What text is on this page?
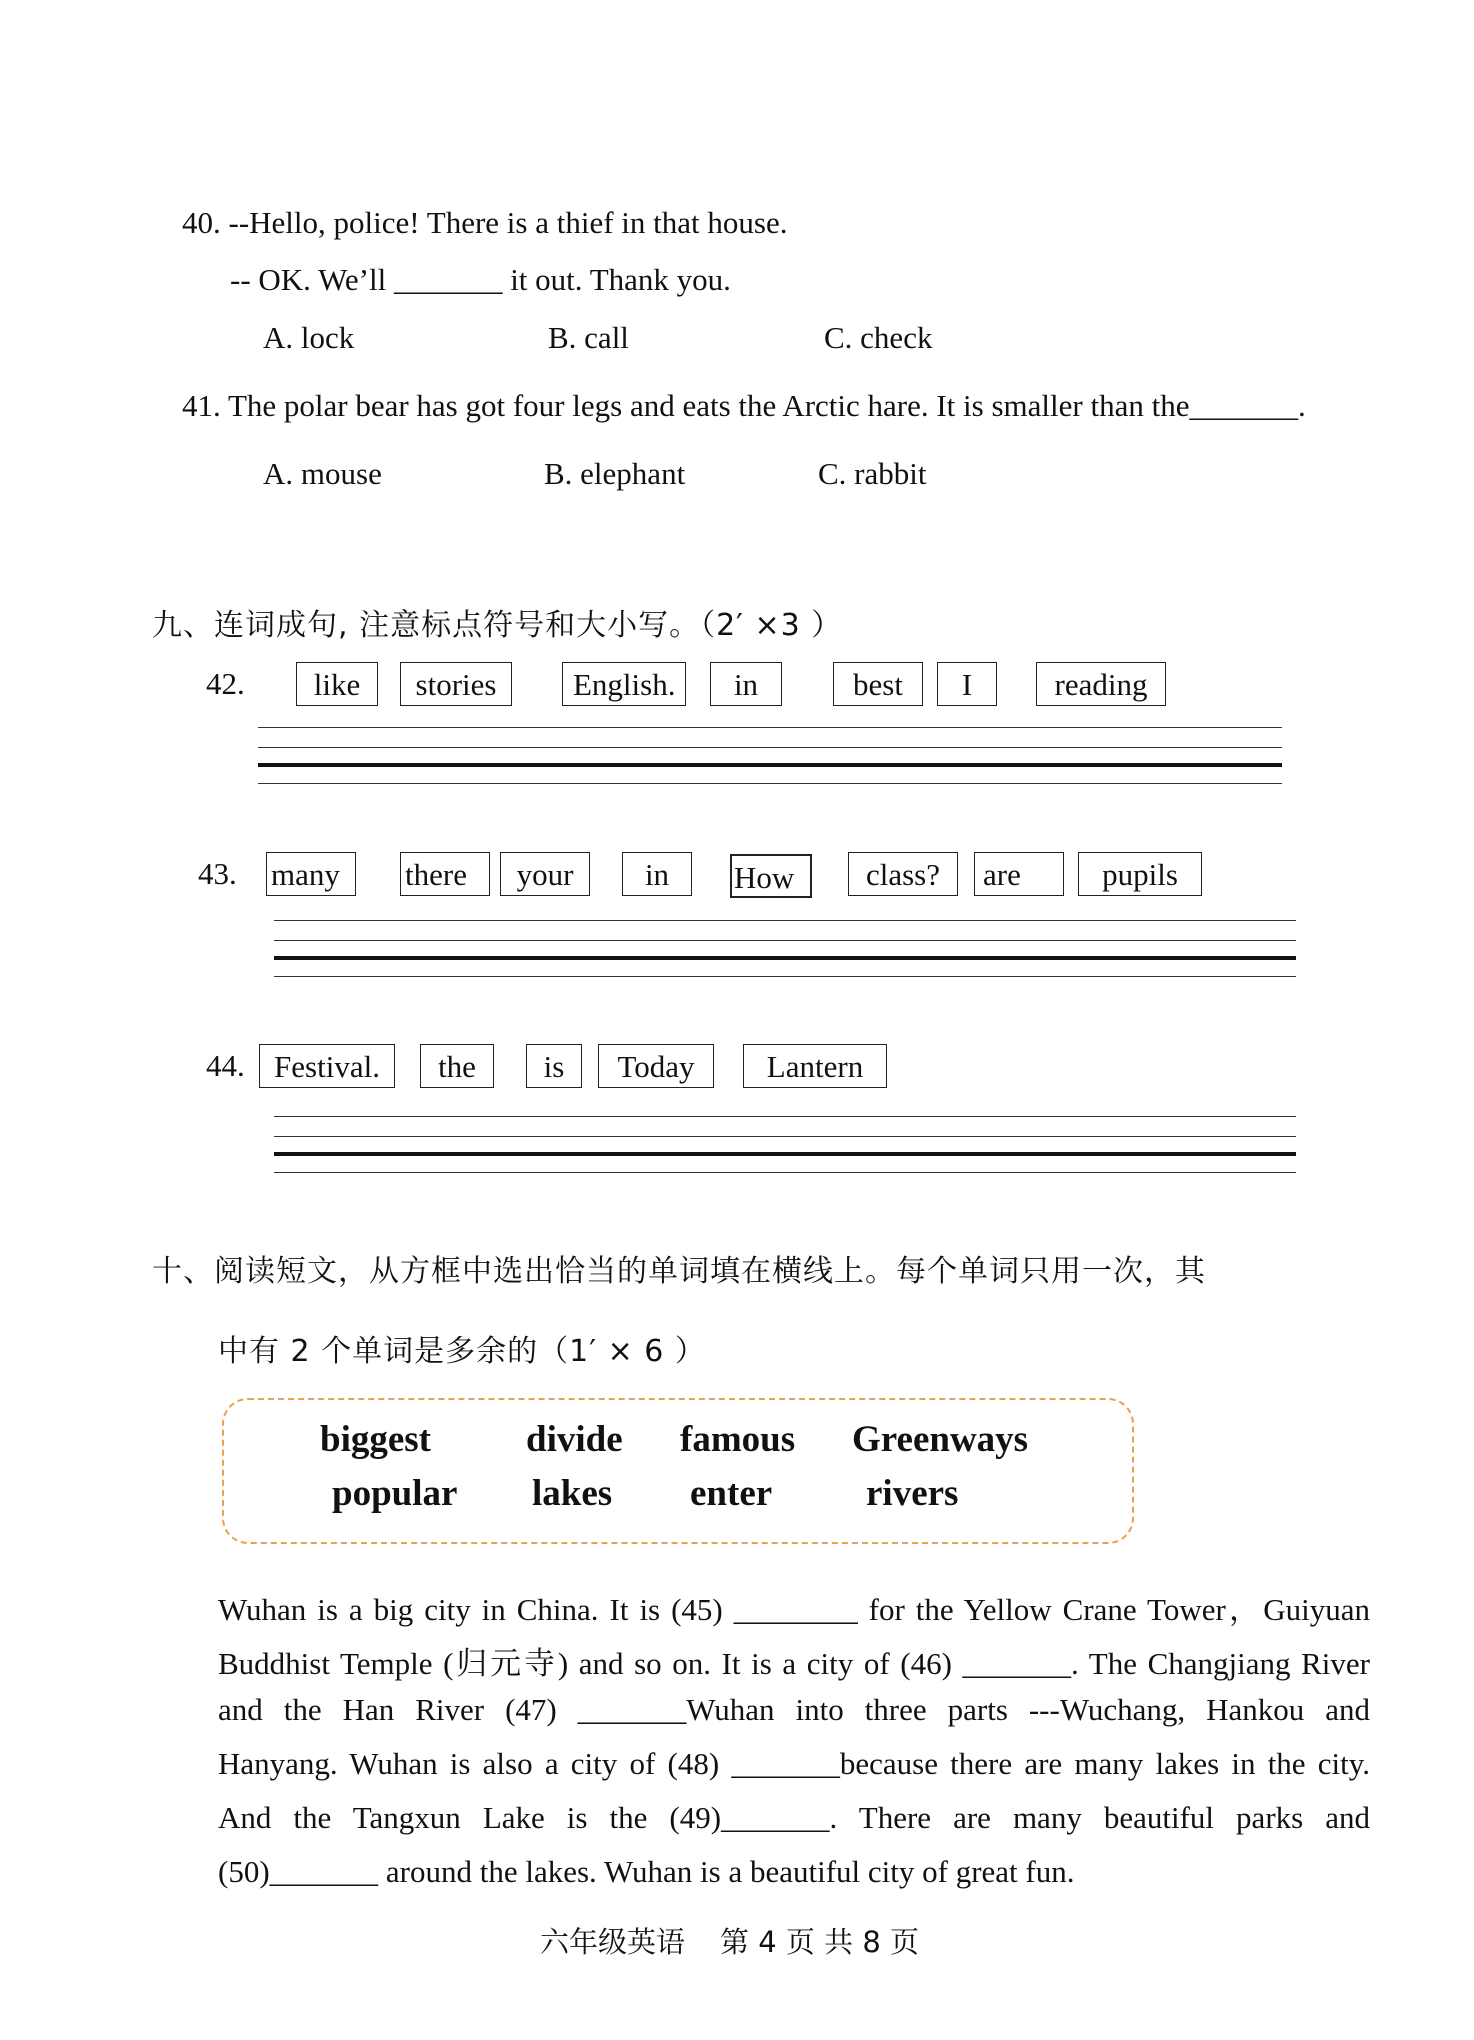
40. --Hello, police! There is a thief in that house.
-- OK. We’ll _______ it out. Thank you.
A. lock	B. call	C. check
41. The polar bear has got four legs and eats the Arctic hare. It is smaller than the_______.
A. mouse	B. elephant	C. rabbit
九、连词成句, 注意标点符号和大小写。（2′ ×3 ）
42.	like	stories	English.	in	best	I	reading
43. many	there	your	in	How	class?	are	pupils
44. Festival.	the	is	Today	Lantern
十、阅读短文，从方框中选出恰当的单词填在横线上。每个单词只用一次，其
中有 2 个单词是多余的（1′ × 6 ）
biggest	divide famous Greenways
popular lakes enter	rivers
Wuhan is a big city in China. It is (45) ________ for the Yellow Crane Tower，Guiyuan
Buddhist Temple (归元寺) and so on. It is a city of (46) _______. The Changjiang River
and the Han River (47) _______Wuhan into three parts ---Wuchang, Hankou and
Hanyang. Wuhan is also a city of (48) _______because there are many lakes in the city.
And the Tangxun Lake is the (49)_______. There are many beautiful parks and
(50)_______ around the lakes. Wuhan is a beautiful city of great fun.
六年级英语 第 4 页 共 8 页
